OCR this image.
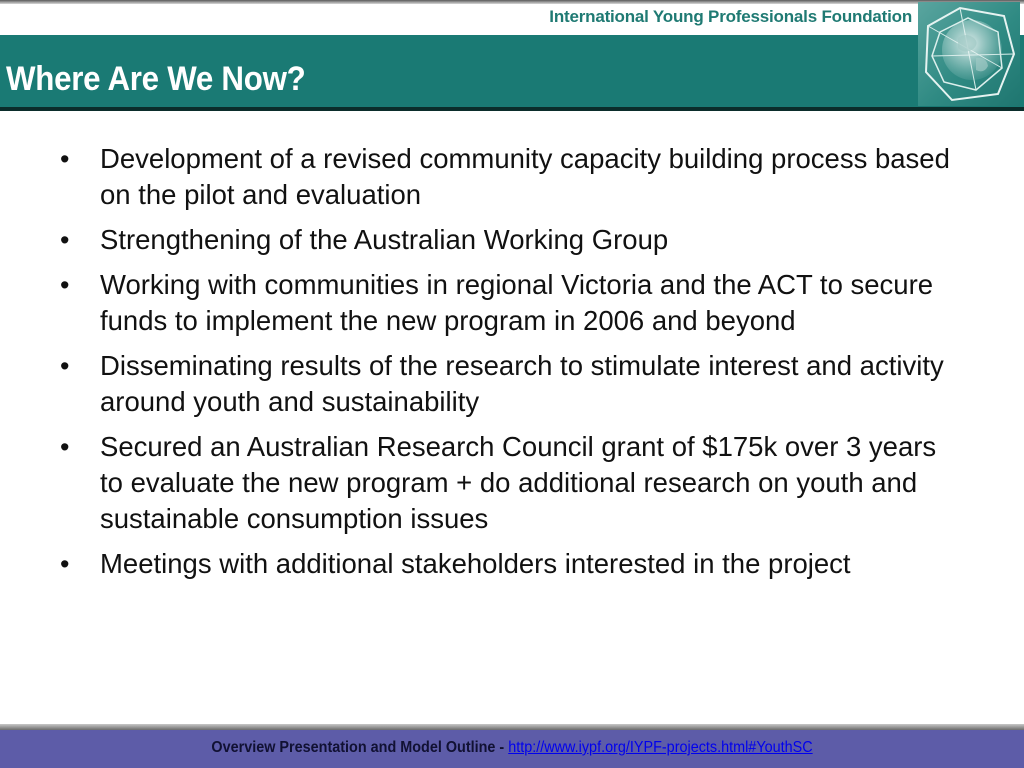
International Young Professionals Foundation
Where Are We Now?
• Development of a revised community capacity building process based on the pilot and evaluation
• Strengthening of the Australian Working Group
• Working with communities in regional Victoria and the ACT to secure funds to implement the new program in 2006 and beyond
• Disseminating results of the research to stimulate interest and activity around youth and sustainability
• Secured an Australian Research Council grant of $175k over 3 years to evaluate the new program + do additional research on youth and sustainable consumption issues
• Meetings with additional stakeholders interested in the project
Overview Presentation and Model Outline - http://www.iypf.org/IYPF-projects.html#YouthSC
